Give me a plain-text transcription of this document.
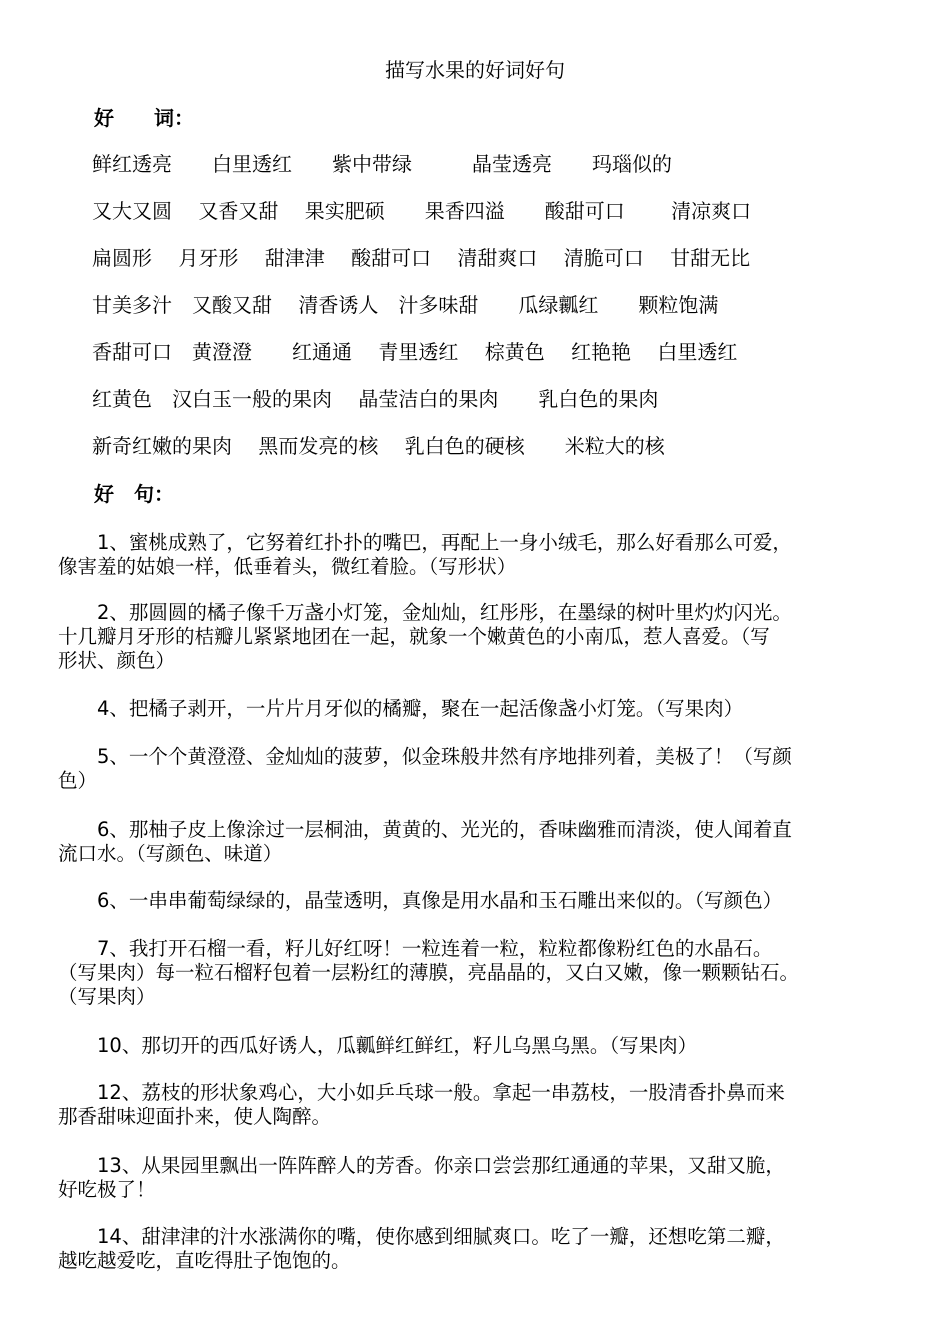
描写水果的好词好句
好　　词：
鲜红透亮　　白里透红　　紫中带绿　　　晶莹透亮　　玛瑙似的
又大又圆　 又香又甜　 果实肥硕　　果香四溢　　酸甜可口　　 清凉爽口
扁圆形　 月牙形　 甜津津　 酸甜可口　 清甜爽口　 清脆可口　 甘甜无比
甘美多汁　又酸又甜　 清香诱人　汁多味甜　　瓜绿瓤红　　颗粒饱满
香甜可口　黄澄澄　　红通通　 青里透红　 棕黄色　 红艳艳　 白里透红
红黄色　汉白玉一般的果肉　 晶莹洁白的果肉　　乳白色的果肉
新奇红嫩的果肉　 黑而发亮的核　 乳白色的硬核　　米粒大的核
好　句：
　　1、蜜桃成熟了，它努着红扑扑的嘴巴，再配上一身小绒毛，那么好看那么可爱，
像害羞的姑娘一样，低垂着头，微红着脸。（写形状）
　　2、那圆圆的橘子像千万盏小灯笼，金灿灿，红彤彤，在墨绿的树叶里灼灼闪光。
十几瓣月牙形的桔瓣儿紧紧地团在一起，就象一个嫩黄色的小南瓜，惹人喜爱。（写
形状、颜色）
　　4、把橘子剥开，一片片月牙似的橘瓣，聚在一起活像盏小灯笼。（写果肉）
　　5、一个个黄澄澄、金灿灿的菠萝，似金珠般井然有序地排列着，美极了！（写颜
色）
　　6、那柚子皮上像涂过一层桐油，黄黄的、光光的，香味幽雅而清淡，使人闻着直
流口水。（写颜色、味道）
　　6、一串串葡萄绿绿的，晶莹透明，真像是用水晶和玉石雕出来似的。（写颜色）
　　7、我打开石榴一看，籽儿好红呀！一粒连着一粒，粒粒都像粉红色的水晶石。
（写果肉）每一粒石榴籽包着一层粉红的薄膜，亮晶晶的，又白又嫩，像一颗颗钻石。
（写果肉）
　　10、那切开的西瓜好诱人，瓜瓤鲜红鲜红，籽儿乌黑乌黑。（写果肉）
　　12、荔枝的形状象鸡心，大小如乒乓球一般。拿起一串荔枝，一股清香扑鼻而来
那香甜味迎面扑来，使人陶醉。
　　13、从果园里飘出一阵阵醉人的芳香。你亲口尝尝那红通通的苹果，又甜又脆，
好吃极了！
　　14、甜津津的汁水涨满你的嘴，使你感到细腻爽口。吃了一瓣，还想吃第二瓣，
越吃越爱吃，直吃得肚子饱饱的。
